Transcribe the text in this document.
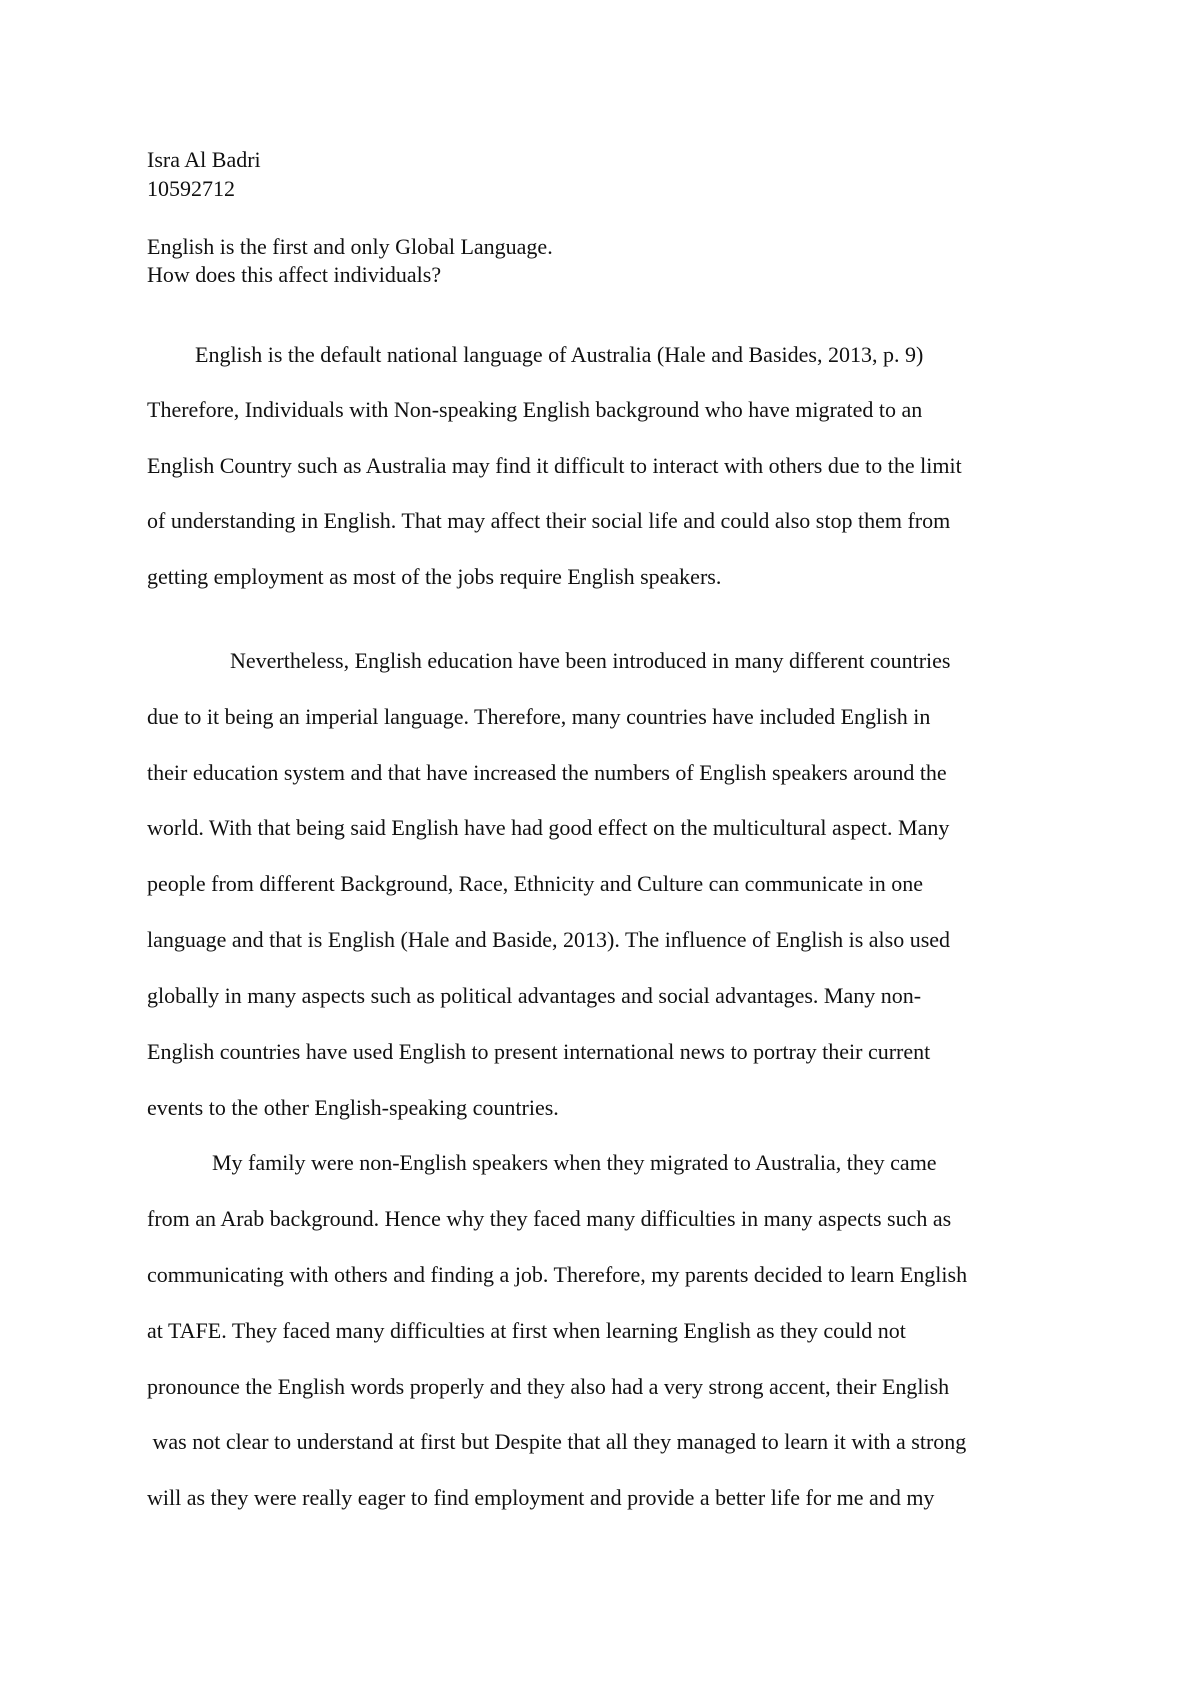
Isra Al Badri
10592712
English is the first and only Global Language.
How does this affect individuals?
English is the default national language of Australia (Hale and Basides, 2013, p. 9)
Therefore, Individuals with Non-speaking English background who have migrated to an
English Country such as Australia may find it difficult to interact with others due to the limit
of understanding in English. That may affect their social life and could also stop them from
getting employment as most of the jobs require English speakers.
Nevertheless, English education have been introduced in many different countries
due to it being an imperial language. Therefore, many countries have included English in
their education system and that have increased the numbers of English speakers around the
world. With that being said English have had good effect on the multicultural aspect. Many
people from different Background, Race, Ethnicity and Culture can communicate in one
language and that is English (Hale and Baside, 2013). The influence of English is also used
globally in many aspects such as political advantages and social advantages. Many non-
English countries have used English to present international news to portray their current
events to the other English-speaking countries.
My family were non-English speakers when they migrated to Australia, they came
from an Arab background. Hence why they faced many difficulties in many aspects such as
communicating with others and finding a job. Therefore, my parents decided to learn English
at TAFE. They faced many difficulties at first when learning English as they could not
pronounce the English words properly and they also had a very strong accent, their English
was not clear to understand at first but Despite that all they managed to learn it with a strong
will as they were really eager to find employment and provide a better life for me and my
